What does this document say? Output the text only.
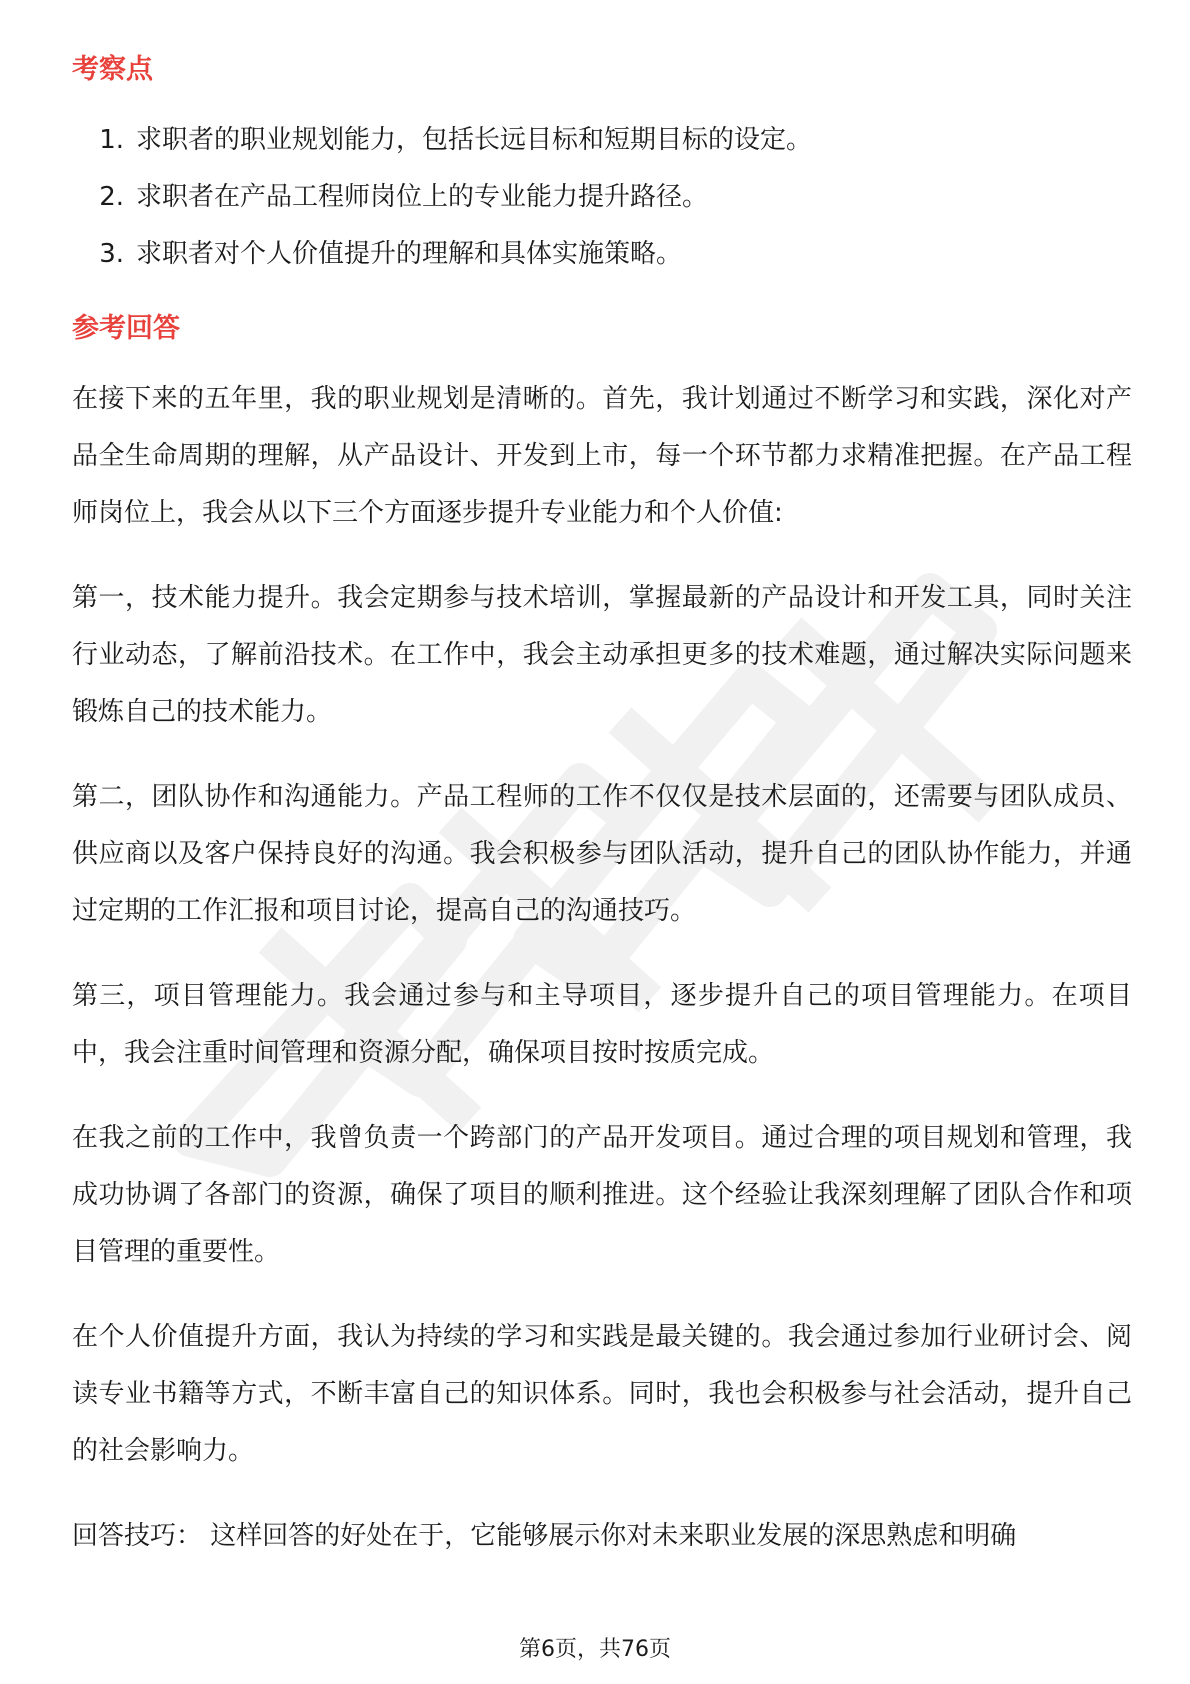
考察点
1. 求职者的职业规划能力，包括长远目标和短期目标的设定。
2. 求职者在产品工程师岗位上的专业能力提升路径。
3. 求职者对个人价值提升的理解和具体实施策略。
参考回答

在接下来的五年里，我的职业规划是清晰的。首先，我计划通过不断学习和实践，深化对产品全生命周期的理解，从产品设计、开发到上市，每一个环节都力求精准把握。在产品工程师岗位上，我会从以下三个方面逐步提升专业能力和个人价值:

第一，技术能力提升。我会定期参与技术培训，掌握最新的产品设计和开发工具，同时关注行业动态，了解前沿技术。在工作中，我会主动承担更多的技术难题，通过解决实际问题来锻炼自己的技术能力。

第二，团队协作和沟通能力。产品工程师的工作不仅仅是技术层面的，还需要与团队成员、供应商以及客户保持良好的沟通。我会积极参与团队活动，提升自己的团队协作能力，并通过定期的工作汇报和项目讨论，提高自己的沟通技巧。

第三，项目管理能力。我会通过参与和主导项目，逐步提升自己的项目管理能力。在项目中，我会注重时间管理和资源分配，确保项目按时按质完成。

在我之前的工作中，我曾负责一个跨部门的产品开发项目。通过合理的项目规划和管理，我成功协调了各部门的资源，确保了项目的顺利推进。这个经验让我深刻理解了团队合作和项目管理的重要性。

在个人价值提升方面，我认为持续的学习和实践是最关键的。我会通过参加行业研讨会、阅读专业书籍等方式，不断丰富自己的知识体系。同时，我也会积极参与社会活动，提升自己的社会影响力。

回答技巧： 这样回答的好处在于，它能够展示你对未来职业发展的深思熟虑和明确

第6页，共76页
